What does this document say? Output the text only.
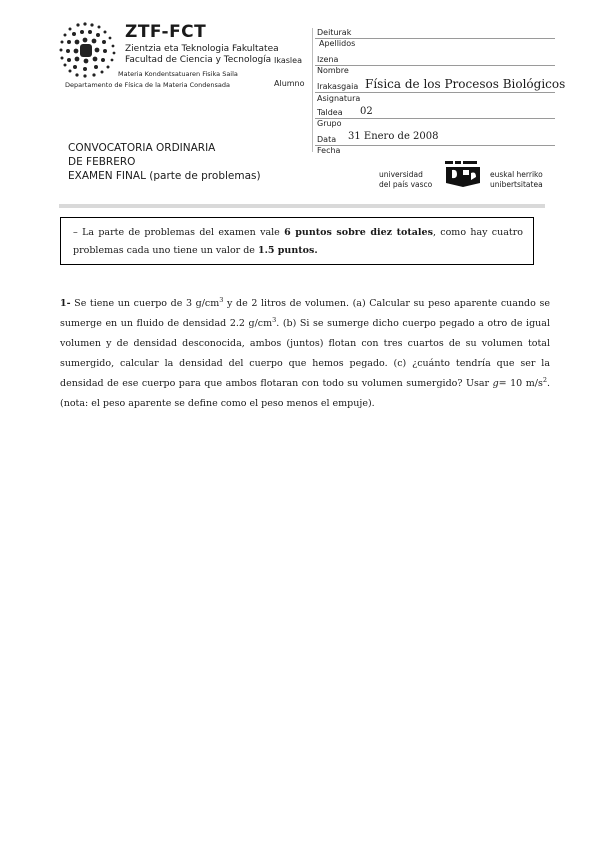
ZTF-FCT
Zientzia eta Teknologia Fakultatea
Facultad de Ciencia y Tecnología
Materia Kondentsatuaren Fisika Saila
Departamento de Física de la Materia Condensada
Ikaslea
Alumno
Deiturak
Apellidos
Izena
Nombre
Irakasgaia Física de los Procesos Biológicos
Asignatura
Taldea 02
Grupo
Data 31 Enero de 2008
Fecha
CONVOCATORIA ORDINARIA
DE FEBRERO
EXAMEN FINAL (parte de problemas)	universidad
del país vasco
euskal herriko
unibertsitatea
– La parte de problemas del examen vale 6 puntos sobre diez totales, como hay cuatro problemas cada uno tiene un valor de 1.5 puntos.
1- Se tiene un cuerpo de 3 $g/cm^3$ y de 2 litros de volumen. (a) Calcular su peso aparente cuando se sumerge en un fluido de densidad 2.2 $g/cm^3$. (b) Si se sumerge dicho cuerpo pegado a otro de igual volumen y de densidad desconocida, ambos (juntos) flotan con tres cuartos de su volumen total sumergido, calcular la densidad del cuerpo que hemos pegado. (c) ¿cuánto tendría que ser la densidad de ese cuerpo para que ambos flotaran con todo su volumen sumergido? Usar g= 10 $m/s^2$. (nota: el peso aparente se define como el peso menos el empuje).
